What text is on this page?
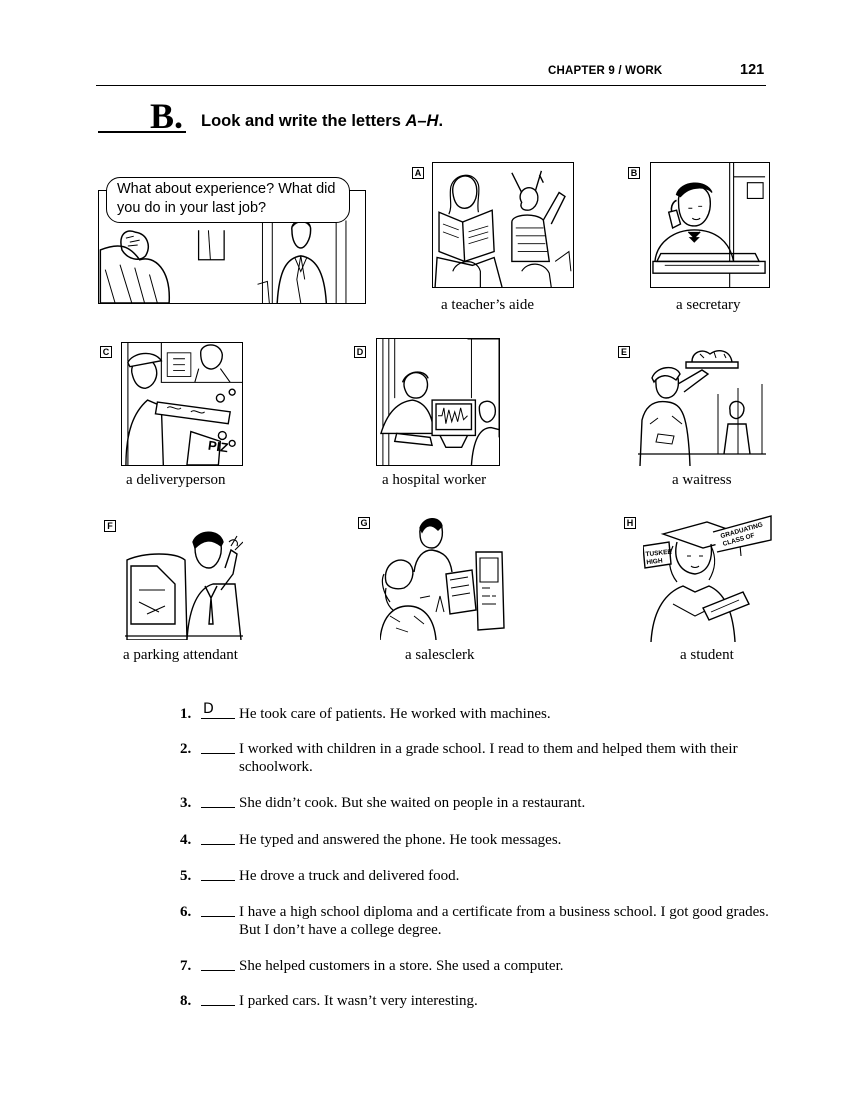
CHAPTER 9 / WORK	121
B. Look and write the letters A–H.
What about experience? What did you do in your last job?
A
a teacher’s aide
B
a secretary
C
PIZ
a deliveryperson
D
a hospital worker
E
a waitress
F
a parking attendant
G
a salesclerk
H
TUSKEE HIGH
GRADUATING CLASS OF
a student
1. D He took care of patients. He worked with machines.
2.	I worked with children in a grade school. I read to them and helped them with their schoolwork.
3.	She didn’t cook. But she waited on people in a restaurant.
4.	He typed and answered the phone. He took messages.
5.	He drove a truck and delivered food.
6.	I have a high school diploma and a certificate from a business school. I got good grades. But I don’t have a college degree.
7.	She helped customers in a store. She used a computer.
8.	I parked cars. It wasn’t very interesting.
